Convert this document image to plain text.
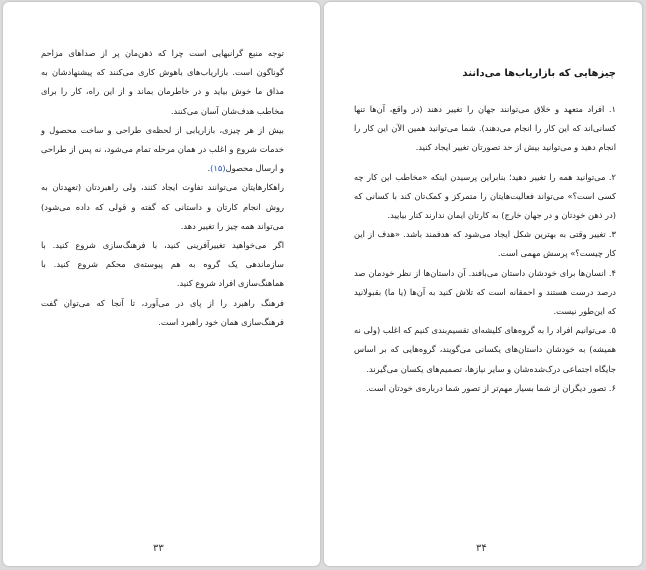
توجه منبع گرانبهایی است چرا که ذهن‌مان پر از صداهای مزاحم گوناگون است. بازاریاب‌های باهوش کاری می‌کنند که پیشنهادشان به مذاق ما خوش بیاید و در خاطرمان بماند و از این راه، کار را برای مخاطب هدف‌شان آسان می‌کنند.

بیش از هر چیزی، بازاریابی از لحظه‌ی طراحی و ساخت محصول و خدمات شروع و اغلب در همان مرحله تمام می‌شود، نه پس از طراحی و ارسال محصول(۱۵).

راهکارهایتان می‌توانند تفاوت ایجاد کنند، ولی راهبردتان (تعهدتان به روش انجام کارتان و داستانی که گفته و قولی که داده می‌شود) می‌تواند همه چیز را تغییر دهد.

اگر می‌خواهید تغییرآفرینی کنید، با فرهنگ‌سازی شروع کنید. با سازماندهی یک گروه به هم پیوسته‌ی محکم شروع کنید. با هماهنگ‌سازی افراد شروع کنید.

فرهنگ راهبرد را از پای در می‌آورد، تا آنجا که می‌توان گفت فرهنگ‌سازی همان خود راهبرد است.

۳۳
چیزهایی که بازاریاب‌ها می‌دانند

۱. افراد متعهد و خلاق می‌توانند جهان را تغییر دهند (در واقع، آن‌ها تنها کسانی‌اند که این کار را انجام می‌دهند). شما می‌توانید همین الآن این کار را انجام دهید و می‌توانید بیش از حد تصورتان تغییر ایجاد کنید.

۲. می‌توانید همه را تغییر دهید؛ بنابراین پرسیدن اینکه «مخاطب این کار چه کسی است؟» می‌تواند فعالیت‌هایتان را متمرکز و کمک‌تان کند با کسانی که (در ذهن خودتان و در جهان خارج) به کارتان ایمان ندارند کنار بیایید.

۳. تغییر وقتی به بهترین شکل ایجاد می‌شود که هدفمند باشد. «هدف از این کار چیست؟» پرسش مهمی است.

۴. انسان‌ها برای خودشان داستان می‌بافند. آن داستان‌ها از نظر خودمان صد درصد درست هستند و احمقانه است که تلاش کنید به آن‌ها (یا ما) بقبولانید که این‌طور نیست.

۵. می‌توانیم افراد را به گروه‌های کلیشه‌ای تقسیم‌بندی کنیم که اغلب (ولی نه همیشه) به خودشان داستان‌های یکسانی می‌گویند، گروه‌هایی که بر اساس جایگاه اجتماعی درک‌شده‌شان و سایر نیازها، تصمیم‌های یکسان می‌گیرند.

۶. تصور دیگران از شما بسیار مهم‌تر از تصور شما درباره‌ی خودتان است.

۳۴
